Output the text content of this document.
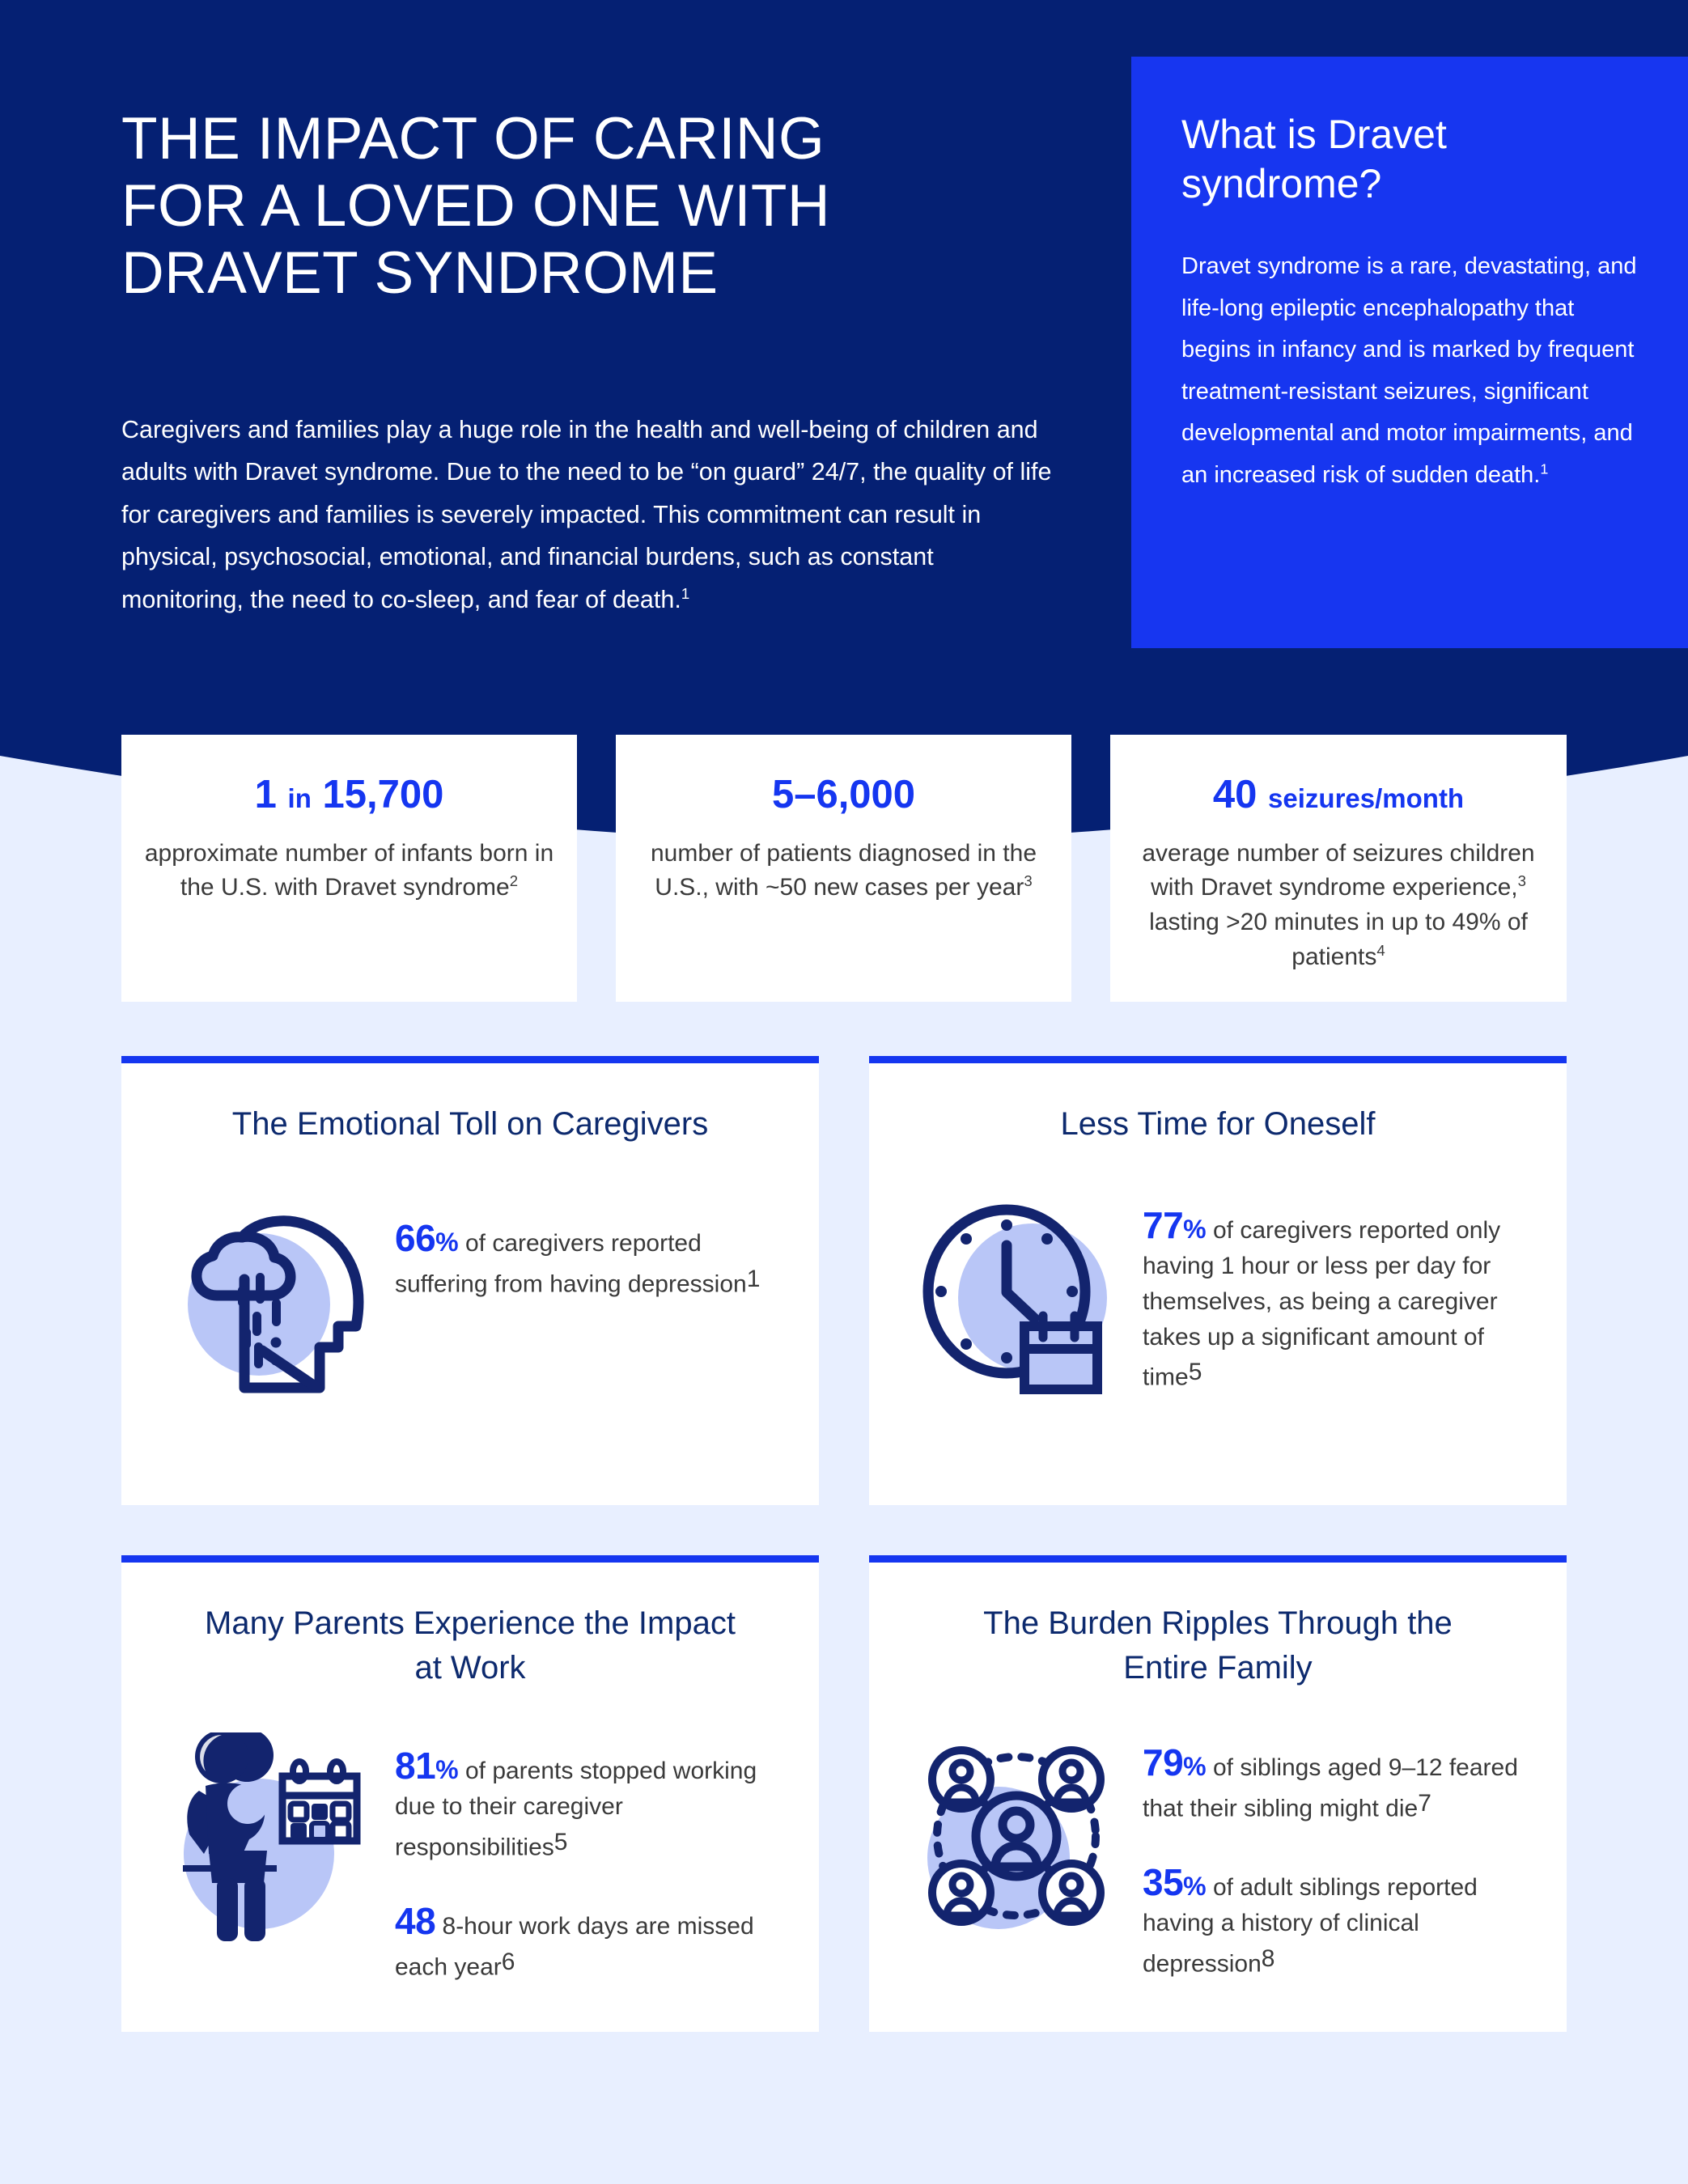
THE IMPACT OF CARING
FOR A LOVED ONE WITH
DRAVET SYNDROME

Caregivers and families play a huge role in the health and well-being of children and adults with Dravet syndrome. Due to the need to be “on guard” 24/7, the quality of life for caregivers and families is severely impacted. This commitment can result in physical, psychosocial, emotional, and financial burdens, such as constant monitoring, the need to co-sleep, and fear of death.$^1$

What is Dravet syndrome?

Dravet syndrome is a rare, devastating, and life-long epileptic encephalopathy that begins in infancy and is marked by frequent treatment-resistant seizures, significant developmental and motor impairments, and an increased risk of sudden death.$^1$

1 in 15,700
approximate number of infants born in the U.S. with Dravet syndrome$^2$
5–6,000
number of patients diagnosed in the U.S., with ~50 new cases per year$^3$
40 seizures/month
average number of seizures children with Dravet syndrome experience,$^3$ lasting >20 minutes in up to 49% of patients$^4$
The Emotional Toll on Caregivers
66% of caregivers reported suffering from having depression$^1$
Less Time for Oneself
77% of caregivers reported only having 1 hour or less per day for themselves, as being a caregiver takes up a significant amount of time$^5$
Many Parents Experience the Impact at Work
81% of parents stopped working due to their caregiver responsibilities$^5$
48 8-hour work days are missed each year$^6$
The Burden Ripples Through the Entire Family
79% of siblings aged 9–12 feared that their sibling might die$^7$
35% of adult siblings reported having a history of clinical depression$^8$
